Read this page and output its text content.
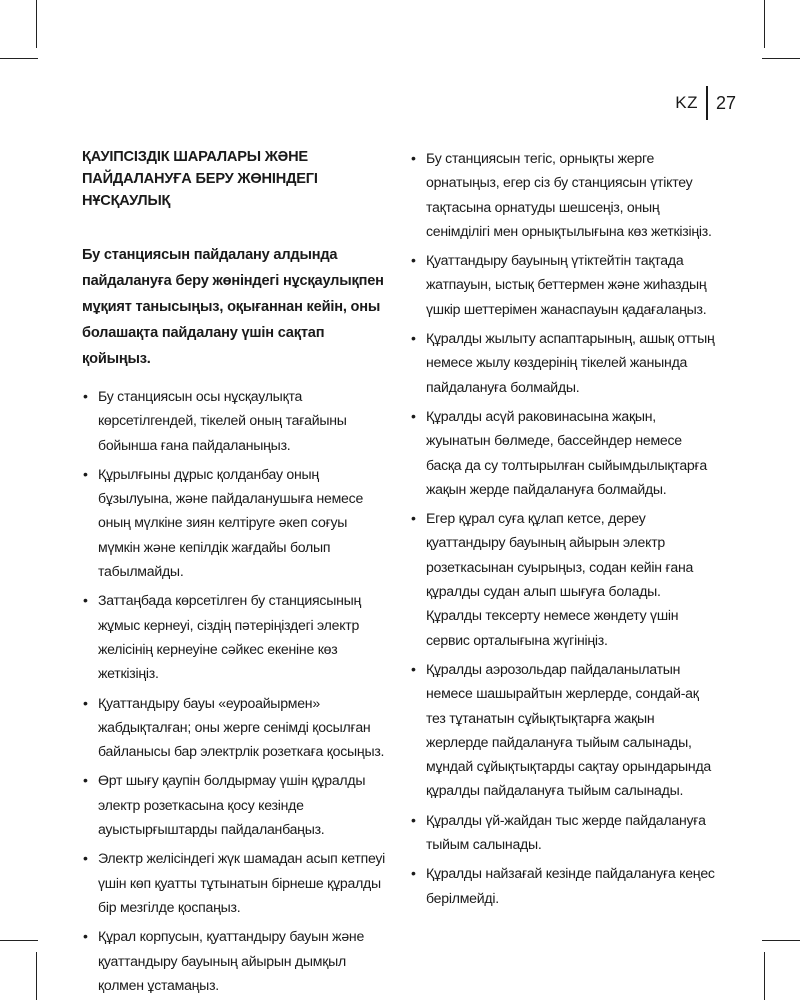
KZ 27
ҚАУІПСІЗДІК ШАРАЛАРЫ ЖӘНЕ ПАЙДАЛАНУҒА БЕРУ ЖӨНІНДЕГІ НҰСҚАУЛЫҚ

Бу станциясын пайдалану алдында пайдалануға беру жөніндегі нұсқаулықпен мұқият танысыңыз, оқығаннан кейін, оны болашақта пайдалану үшін сақтап қойыңыз.

• Бу станциясын осы нұсқаулықта көрсетілгендей, тікелей оның тағайыны бойынша ғана пайдаланыңыз.
• Құрылғыны дұрыс қолданбау оның бұзылуына, және пайдаланушыға немесе оның мүлкіне зиян келтіруге әкеп соғуы мүмкін және кепілдік жағдайы болып табылмайды.
• Заттаңбада көрсетілген бу станциясының жұмыс кернеуі, сіздің пәтеріңіздегі электр желісінің кернеуіне сәйкес екеніне көз жеткізіңіз.
• Қуаттандыру бауы «еуроайырмен» жабдықталған; оны жерге сенімді қосылған байланысы бар электрлік розеткаға қосыңыз.
• Өрт шығу қаупін болдырмау үшін құралды электр розеткасына қосу кезінде ауыстырғыштарды пайдаланбаңыз.
• Электр желісіндегі жүк шамадан асып кетпеуі үшін көп қуатты тұтынатын бірнеше құралды бір мезгілде қоспаңыз.
• Құрал корпусын, қуаттандыру бауын және қуаттандыру бауының айырын дымқыл қолмен ұстамаңыз.
• Бу станциясын тегіс, орнықты жерге орнатыңыз, егер сіз бу станциясын үтіктеу тақтасына орнатуды шешсеңіз, оның сенімділігі мен орнықтылығына көз жеткізіңіз.
• Қуаттандыру бауының үтіктейтін тақтада жатпауын, ыстық беттермен және жиһаздың үшкір шеттерімен жанаспауын қадағалаңыз.
• Құралды жылыту аспаптарының, ашық оттың немесе жылу көздерінің тікелей жанында пайдалануға болмайды.
• Құралды асүй раковинасына жақын, жуынатын бөлмеде, бассейндер немесе басқа да су толтырылған сыйымдылықтарға жақын жерде пайдалануға болмайды.
• Егер құрал суға құлап кетсе, дереу қуаттандыру бауының айырын электр розеткасынан суырыңыз, содан кейін ғана құралды судан алып шығуға болады. Құралды тексерту немесе жөндету үшін сервис орталығына жүгініңіз.
• Құралды аэрозольдар пайдаланылатын немесе шашырайтын жерлерде, сондай-ақ тез тұтанатын сұйықтықтарға жақын жерлерде пайдалануға тыйым салынады, мұндай сұйықтықтарды сақтау орындарында құралды пайдалануға тыйым салынады.
• Құралды үй-жайдан тыс жерде пайдалануға тыйым салынады.
• Құралды найзағай кезінде пайдалануға кеңес берілмейді.
